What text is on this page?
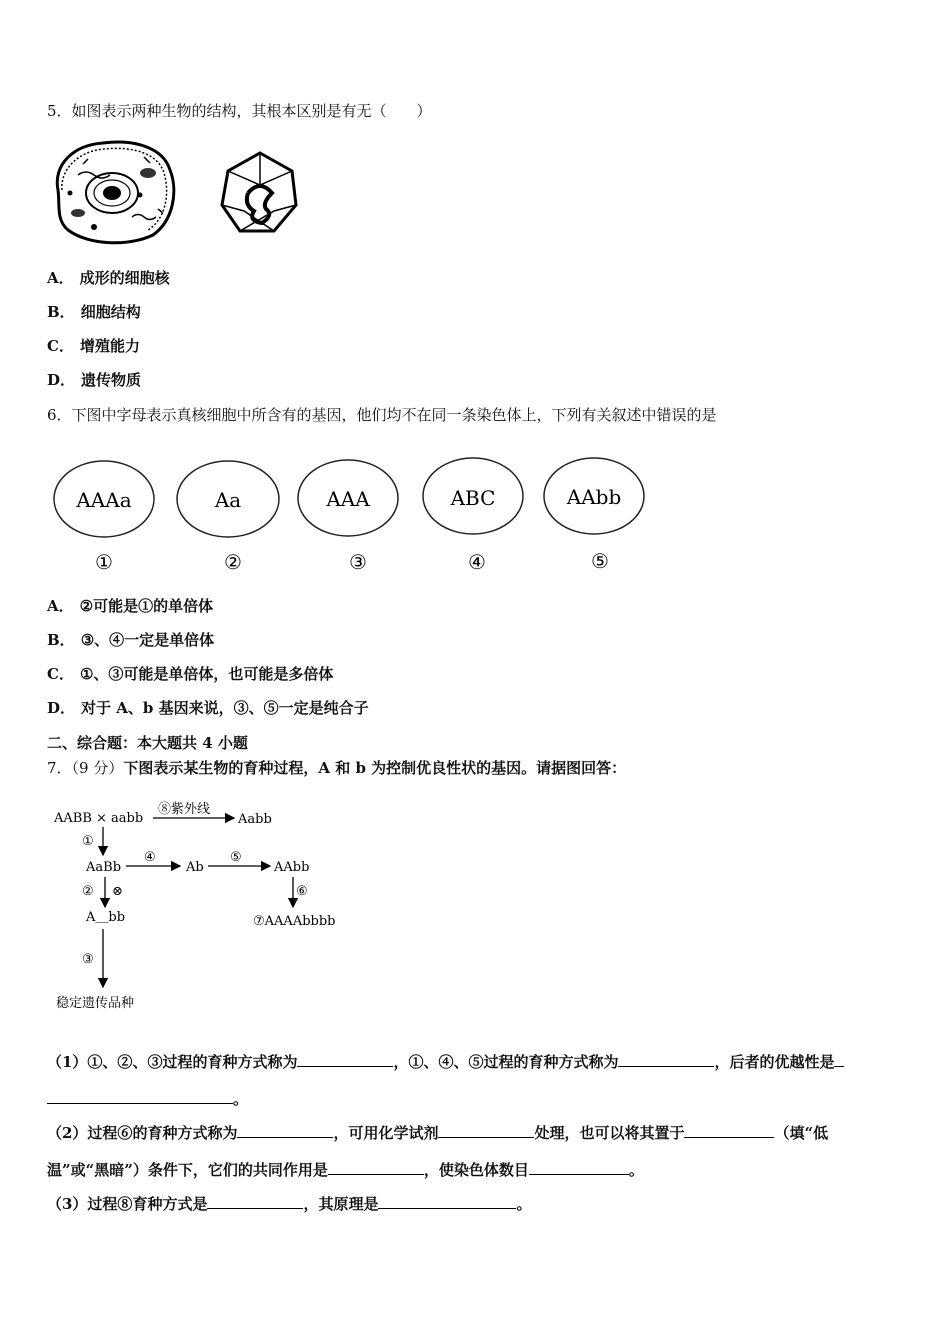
5．如图表示两种生物的结构，其根本区别是有无（　　）
A． 成形的细胞核
B． 细胞结构
C． 增殖能力
D． 遗传物质
6．下图中字母表示真核细胞中所含有的基因，他们均不在同一条染色体上，下列有关叙述中错误的是
AAAa
①
Aa
②
AAA
③
ABC
④
AAbb
⑤
A． ②可能是①的单倍体
B． ③、④一定是单倍体
C． ①、③可能是单倍体，也可能是多倍体
D． 对于 A、b 基因来说，③、⑤一定是纯合子
二、综合题：本大题共 4 小题
7．（9 分）下图表示某生物的育种过程，A 和 b 为控制优良性状的基因。请据图回答：
AABB × aabb
⑧紫外线
Aabb
①
AaBb
④
Ab
⑤
AAbb
② ⊗	⑥
A＿bb	⑦AAAAbbbb
③
稳定遗传品种
（1）①、②、③过程的育种方式称为	，①、④、⑤过程的育种方式称为	，后者的优越性是
。
（2）过程⑥的育种方式称为	，可用化学试剂	处理，也可以将其置于	（填“低
温”或“黑暗”）条件下，它们的共同作用是	，使染色体数目	。
（3）过程⑧育种方式是	，其原理是	。
